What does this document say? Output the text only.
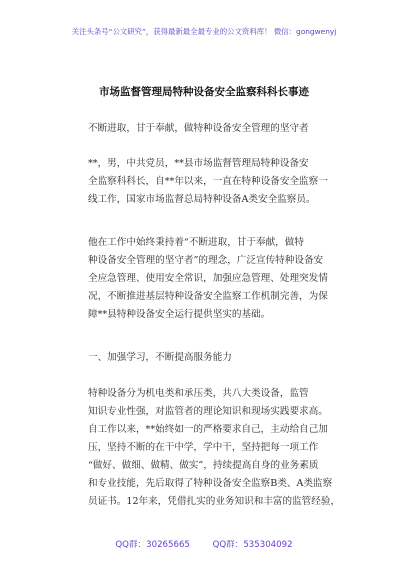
关注头条号“公文研究”，获得最新最全最专业的公文资料库！ 微信：gongwenyj
市场监督管理局特种设备安全监察科科长事迹

不断进取，甘于奉献，做特种设备安全管理的坚守者

**，男，中共党员，**县市场监督管理局特种设备安
全监察科科长，自**年以来，一直在特种设备安全监察一
线工作，国家市场监督总局特种设备A类安全监察员。

他在工作中始终秉持着“不断进取，甘于奉献，做特
种设备安全管理的坚守者”的理念，广泛宣传特种设备安
全应急管理、使用安全常识，加强应急管理、处理突发情
况，不断推进基层特种设备安全监察工作机制完善，为保
障**县特种设备安全运行提供坚实的基础。

一、加强学习，不断提高服务能力

特种设备分为机电类和承压类，共八大类设备，监管
知识专业性强，对监管者的理论知识和现场实践要求高。
自工作以来，**始终如一的严格要求自己，主动给自己加
压，坚持不断的在干中学，学中干，坚持把每一项工作
“做好、做细、做精、做实”，持续提高自身的业务素质
和专业技能，先后取得了特种设备安全监察B类、A类监察
员证书。12年来，凭借扎实的业务知识和丰富的监管经验，

QQ群：30265665	QQ群：535304092
